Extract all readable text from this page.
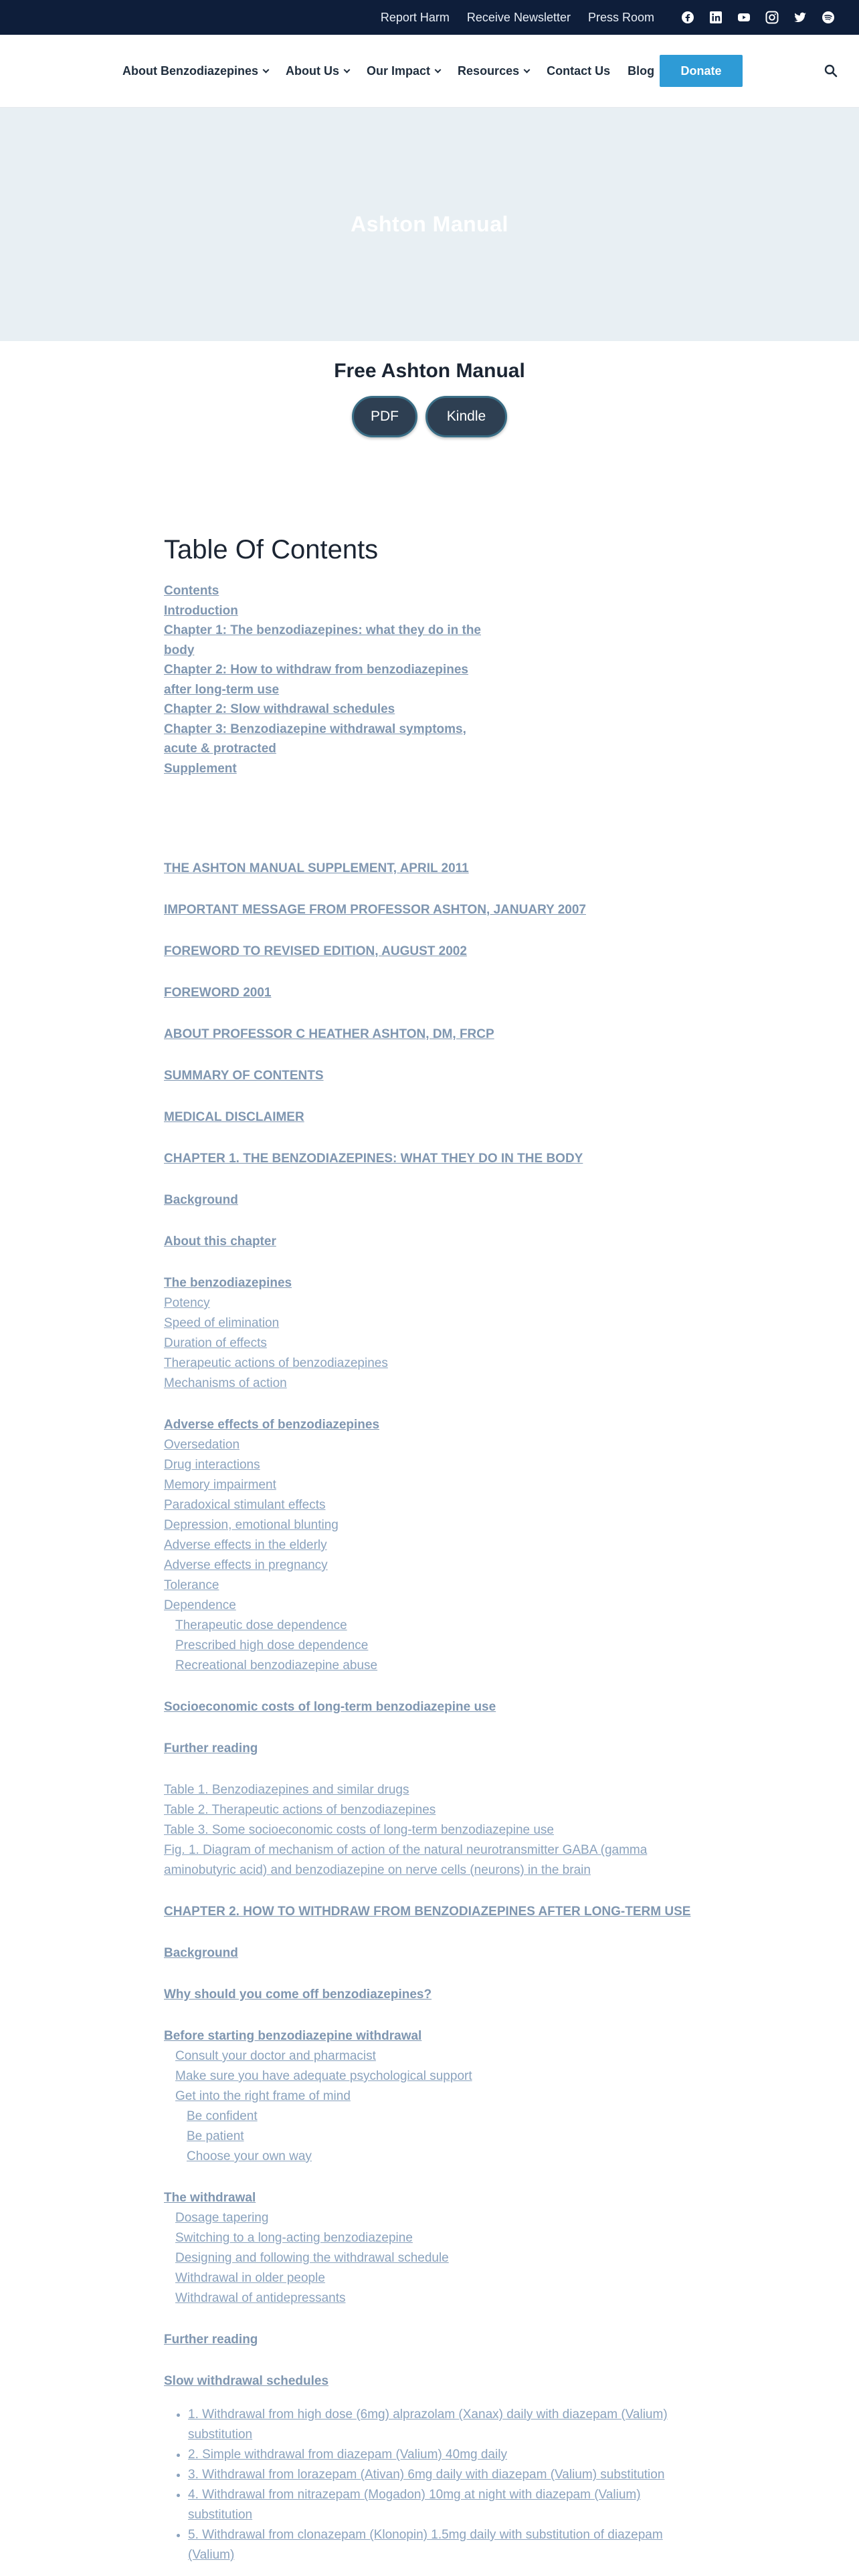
Report Harm Receive Newsletter Press Room
About Benzodiazepines About Us Our Impact Resources Contact Us Blog	Donate
Ashton Manual
Free Ashton Manual
PDF	Kindle
Table Of Contents
Contents
Introduction
Chapter 1: The benzodiazepines: what they do in the body
Chapter 2: How to withdraw from benzodiazepines after long-term use
Chapter 2: Slow withdrawal schedules
Chapter 3: Benzodiazepine withdrawal symptoms, acute & protracted
Supplement
THE ASHTON MANUAL SUPPLEMENT, APRIL 2011
IMPORTANT MESSAGE FROM PROFESSOR ASHTON, JANUARY 2007
FOREWORD TO REVISED EDITION, AUGUST 2002
FOREWORD 2001
ABOUT PROFESSOR C HEATHER ASHTON, DM, FRCP
SUMMARY OF CONTENTS
MEDICAL DISCLAIMER
CHAPTER 1. THE BENZODIAZEPINES: WHAT THEY DO IN THE BODY
Background
About this chapter
The benzodiazepines
Potency
Speed of elimination
Duration of effects
Therapeutic actions of benzodiazepines
Mechanisms of action
Adverse effects of benzodiazepines
Oversedation
Drug interactions
Memory impairment
Paradoxical stimulant effects
Depression, emotional blunting
Adverse effects in the elderly
Adverse effects in pregnancy
Tolerance
Dependence
Therapeutic dose dependence
Prescribed high dose dependence
Recreational benzodiazepine abuse
Socioeconomic costs of long-term benzodiazepine use
Further reading
Table 1. Benzodiazepines and similar drugs
Table 2. Therapeutic actions of benzodiazepines
Table 3. Some socioeconomic costs of long-term benzodiazepine use
Fig. 1. Diagram of mechanism of action of the natural neurotransmitter GABA (gamma aminobutyric acid) and benzodiazepine on nerve cells (neurons) in the brain
CHAPTER 2. HOW TO WITHDRAW FROM BENZODIAZEPINES AFTER LONG-TERM USE
Background
Why should you come off benzodiazepines?
Before starting benzodiazepine withdrawal
Consult your doctor and pharmacist
Make sure you have adequate psychological support
Get into the right frame of mind
Be confident
Be patient
Choose your own way
The withdrawal
Dosage tapering
Switching to a long-acting benzodiazepine
Designing and following the withdrawal schedule
Withdrawal in older people
Withdrawal of antidepressants
Further reading
Slow withdrawal schedules
• 1. Withdrawal from high dose (6mg) alprazolam (Xanax) daily with diazepam (Valium) substitution
• 2. Simple withdrawal from diazepam (Valium) 40mg daily
• 3. Withdrawal from lorazepam (Ativan) 6mg daily with diazepam (Valium) substitution
• 4. Withdrawal from nitrazepam (Mogadon) 10mg at night with diazepam (Valium) substitution
• 5. Withdrawal from clonazepam (Klonopin) 1.5mg daily with substitution of diazepam (Valium)
